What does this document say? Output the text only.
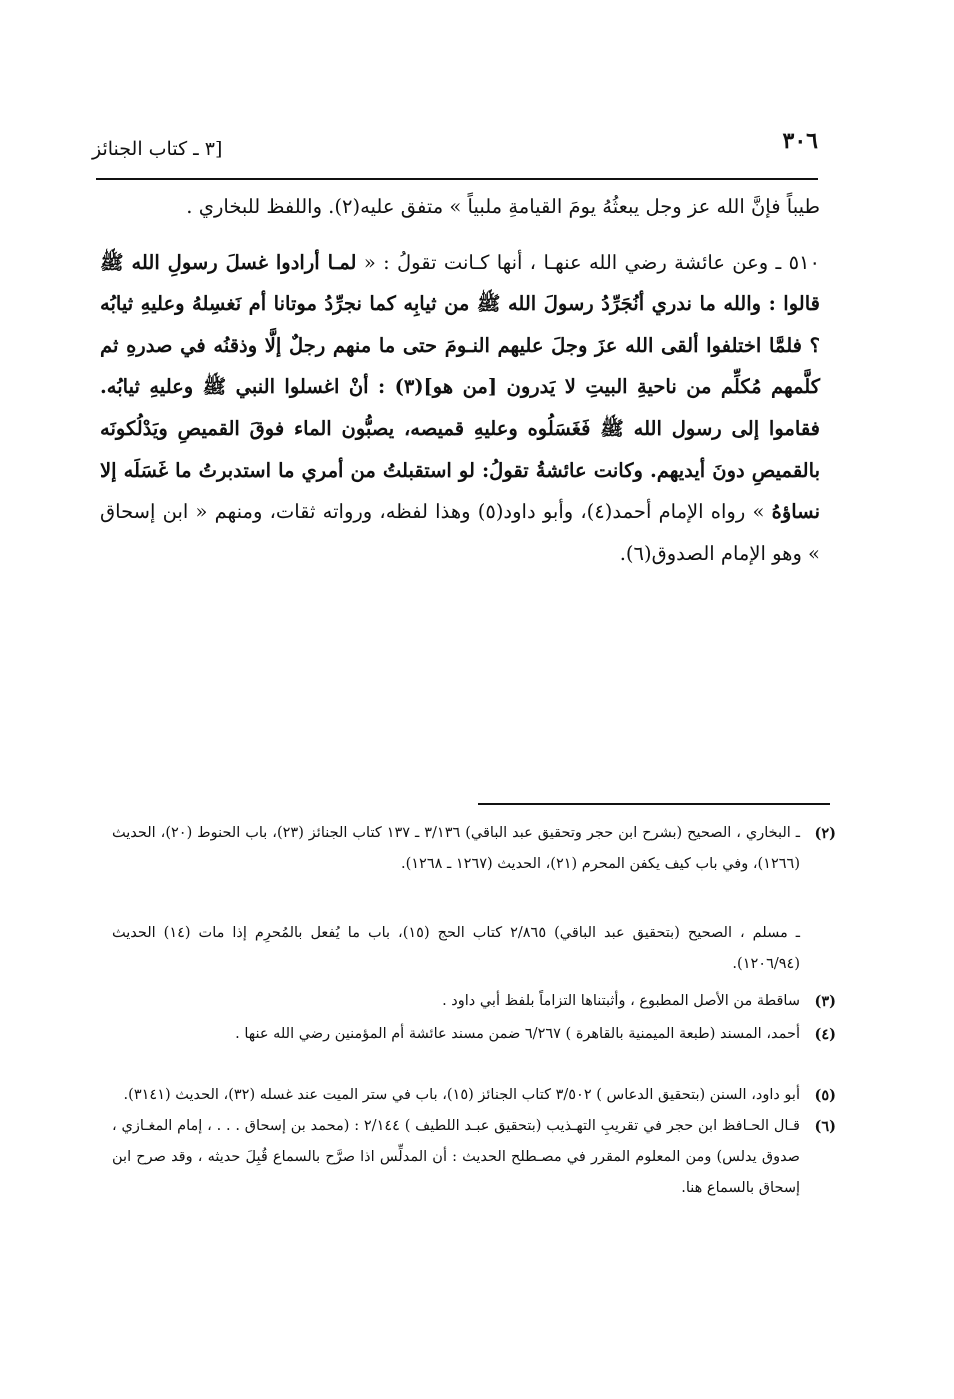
٣٠٦
[٣ ـ كتاب الجنائز

طيباً فإنَّ الله عز وجل يبعثُهُ يومَ القيامةِ ملبياً » متفق عليه(٢). واللفظ للبخاري .

٥١٠ ـ وعن عائشة رضي الله عنهـا ، أنها كـانت تقولُ : « لمـا أرادوا غسلَ رسولِ الله ﷺ قالوا : والله ما ندري أنُجَرِّدُ رسولَ الله ﷺ من ثيابِه كما نجرِّدُ موتانا أم نَغسِلهُ وعليهِ ثيابُه ؟ فلمَّا اختلفوا ألقى الله عزَ وجلَ عليهم النـومَ حتى ما منهم رجلٌ إلَّا وذقنُه في صدرهِ ثم كلَّمهم مُكلِّم من ناحيةِ البيتِ لا يَدرون [من هو](٣) : أنْ اغسلوا النبي ﷺ وعليهِ ثيابُه. فقاموا إلى رسول الله ﷺ فَغَسَلُوه وعليهِ قميصه، يصبُّون الماء فوقَ القميصِ ويَدْلُكونَه بالقميصِ دونَ أيديهم. وكانت عائشةُ تقولُ: لو استقبلتُ من أمري ما استدبرتُ ما غَسَلَه إلا نساؤهُ » رواه الإمام أحمد(٤)، وأبو داود(٥) وهذا لفظه، ورواته ثقات، ومنهم « ابن إسحاق » وهو الإمام الصدوق(٦).

(٢)
ـ البخاري ، الصحيح (بشرح ابن حجر وتحقيق عبد الباقي) ٣/١٣٦ ـ ١٣٧ كتاب الجنائز (٢٣)، باب الحنوط (٢٠)، الحديث (١٢٦٦)، وفي باب كيف يكفن المحرم (٢١)، الحديث (١٢٦٧ ـ ١٢٦٨).
ـ مسلم ، الصحيح (بتحقيق عبد الباقي) ٢/٨٦٥ كتاب الحج (١٥)، باب ما يُفعل بالمُحرِم إذا مات (١٤) الحديث (١٢٠٦/٩٤).
(٣)
ساقطة من الأصل المطبوع ، وأثبتناها التزاماً بلفظ أبي داود .
(٤)
أحمد، المسند (طبعة الميمنية بالقاهرة ) ٦/٢٦٧ ضمن مسند عائشة أم المؤمنين رضي الله عنها .
(٥)
أبو داود، السنن (بتحقيق الدعاس ) ٣/٥٠٢ كتاب الجنائز (١٥)، باب في ستر الميت عند غسله (٣٢)، الحديث (٣١٤١).
(٦)
قـال الحـافظ ابن حجر في تقريبِ التهـذيب (بتحقيق عبـد اللطيف ) ٢/١٤٤ : (محمد بن إسحاق . . . ، إمام المغـازي ، صدوق يدلس) ومن المعلوم المقرر في مصـطلح الحديث : أن المدلِّس اذا صرَّح بالسماع قُبِلَ حديثه ، وقد صرح ابن إسحاق بالسماع هنا.
